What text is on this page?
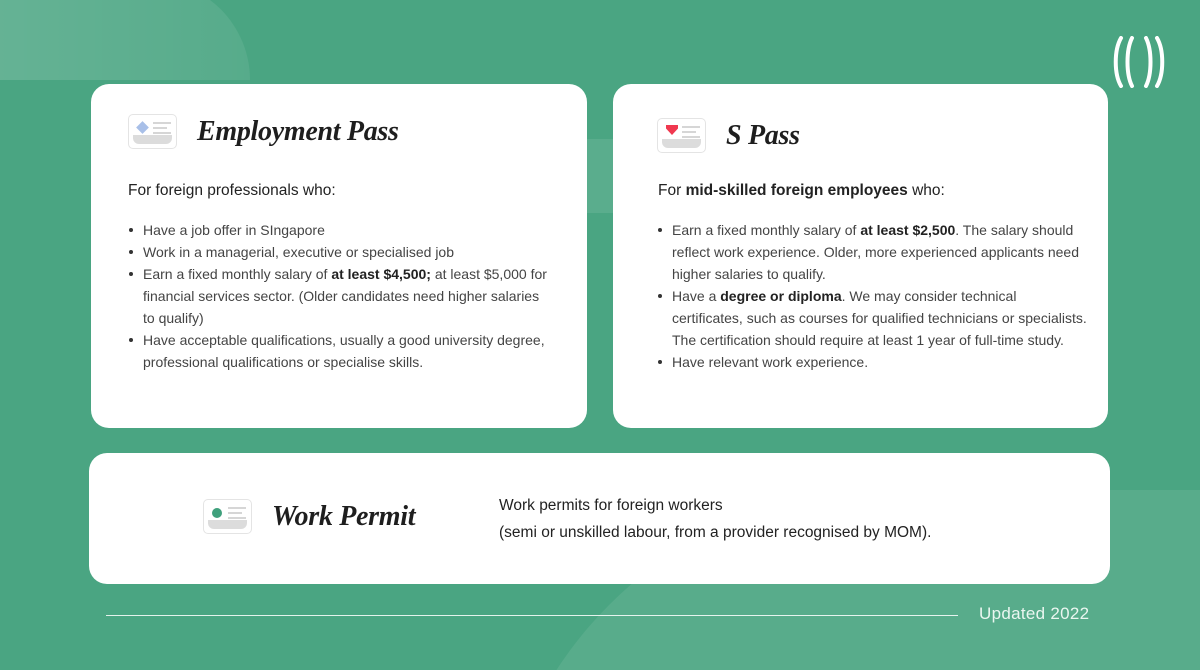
Employment Pass

For foreign professionals who:

Have a job offer in SIngapore
Work in a managerial, executive or specialised job
Earn a fixed monthly salary of at least $4,500; at least $5,000 for financial services sector. (Older candidates need higher salaries to qualify)
Have acceptable qualifications, usually a good university degree, professional qualifications or specialise skills.
S Pass

For mid-skilled foreign employees who:

Earn a fixed monthly salary of at least $2,500. The salary should reflect work experience. Older, more experienced applicants need higher salaries to qualify.
Have a degree or diploma. We may consider technical certificates, such as courses for qualified technicians or specialists. The certification should require at least 1 year of full-time study.
Have relevant work experience.
Work Permit	Work permits for foreign workers
(semi or unskilled labour, from a provider recognised by MOM).
Updated 2022
